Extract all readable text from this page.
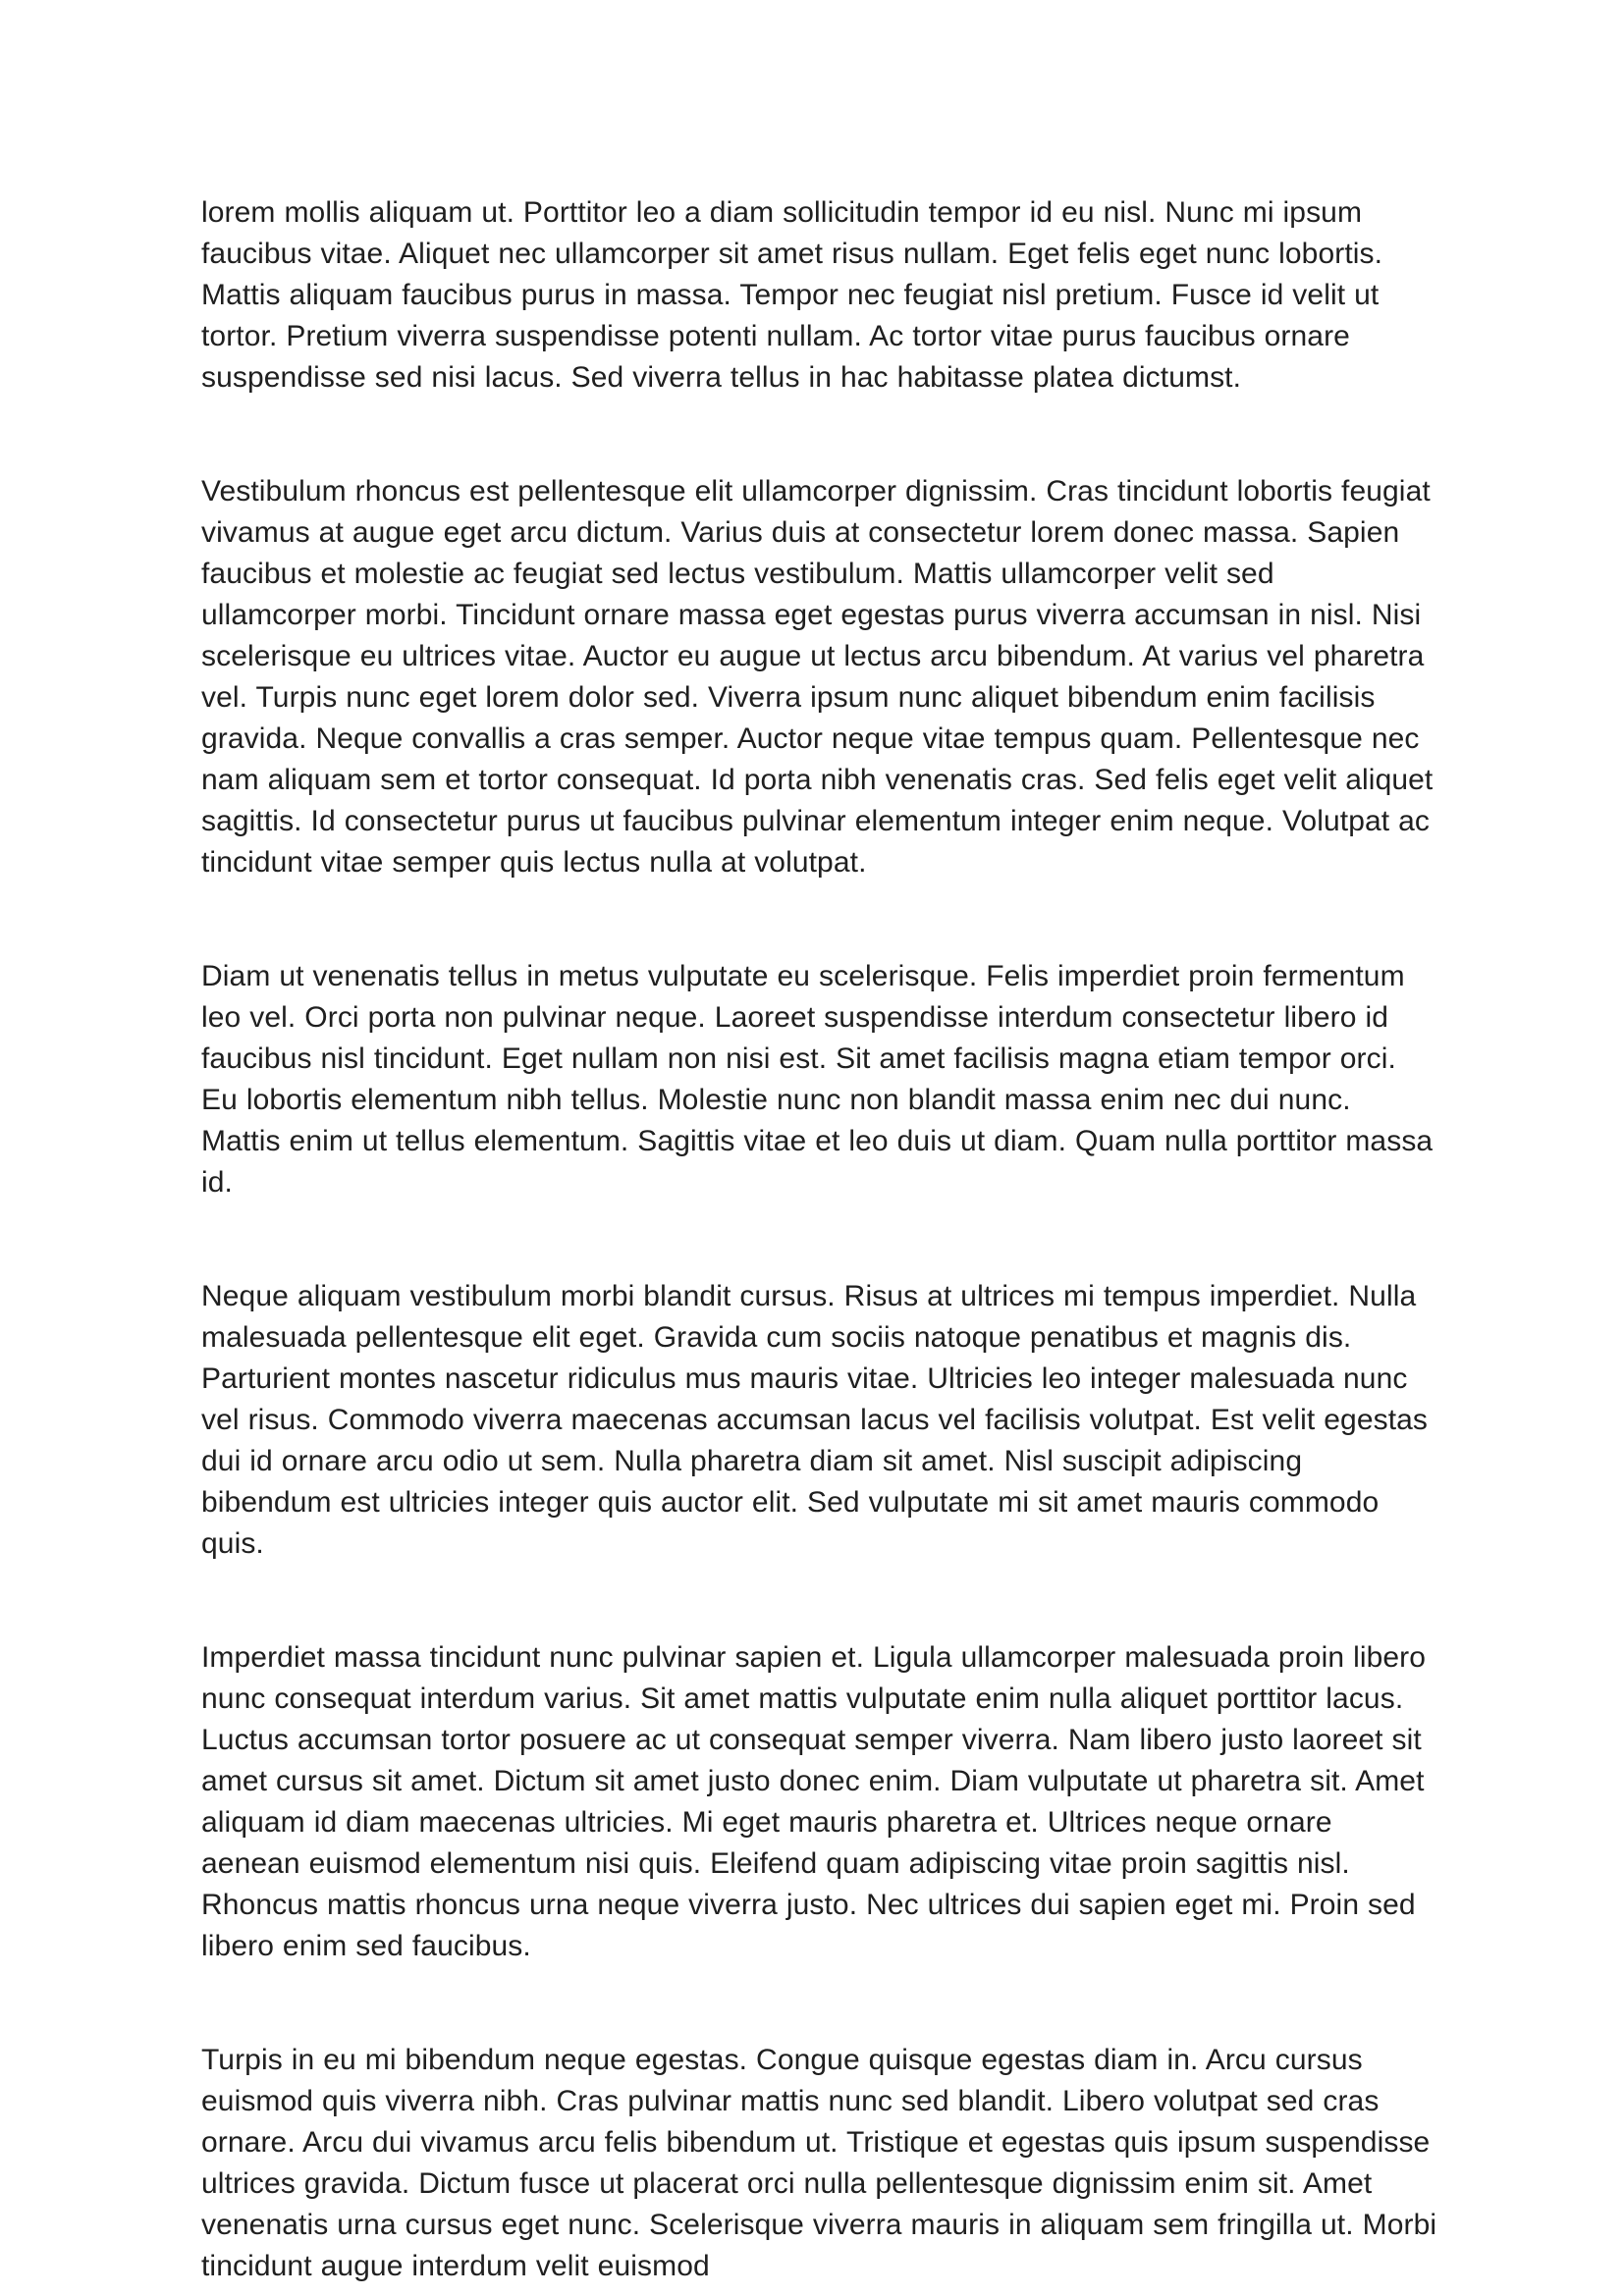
lorem mollis aliquam ut. Porttitor leo a diam sollicitudin tempor id eu nisl. Nunc mi ipsum faucibus vitae. Aliquet nec ullamcorper sit amet risus nullam. Eget felis eget nunc lobortis. Mattis aliquam faucibus purus in massa. Tempor nec feugiat nisl pretium. Fusce id velit ut tortor. Pretium viverra suspendisse potenti nullam. Ac tortor vitae purus faucibus ornare suspendisse sed nisi lacus. Sed viverra tellus in hac habitasse platea dictumst.

Vestibulum rhoncus est pellentesque elit ullamcorper dignissim. Cras tincidunt lobortis feugiat vivamus at augue eget arcu dictum. Varius duis at consectetur lorem donec massa. Sapien faucibus et molestie ac feugiat sed lectus vestibulum. Mattis ullamcorper velit sed ullamcorper morbi. Tincidunt ornare massa eget egestas purus viverra accumsan in nisl. Nisi scelerisque eu ultrices vitae. Auctor eu augue ut lectus arcu bibendum. At varius vel pharetra vel. Turpis nunc eget lorem dolor sed. Viverra ipsum nunc aliquet bibendum enim facilisis gravida. Neque convallis a cras semper. Auctor neque vitae tempus quam. Pellentesque nec nam aliquam sem et tortor consequat. Id porta nibh venenatis cras. Sed felis eget velit aliquet sagittis. Id consectetur purus ut faucibus pulvinar elementum integer enim neque. Volutpat ac tincidunt vitae semper quis lectus nulla at volutpat.

Diam ut venenatis tellus in metus vulputate eu scelerisque. Felis imperdiet proin fermentum leo vel. Orci porta non pulvinar neque. Laoreet suspendisse interdum consectetur libero id faucibus nisl tincidunt. Eget nullam non nisi est. Sit amet facilisis magna etiam tempor orci. Eu lobortis elementum nibh tellus. Molestie nunc non blandit massa enim nec dui nunc. Mattis enim ut tellus elementum. Sagittis vitae et leo duis ut diam. Quam nulla porttitor massa id.

Neque aliquam vestibulum morbi blandit cursus. Risus at ultrices mi tempus imperdiet. Nulla malesuada pellentesque elit eget. Gravida cum sociis natoque penatibus et magnis dis. Parturient montes nascetur ridiculus mus mauris vitae. Ultricies leo integer malesuada nunc vel risus. Commodo viverra maecenas accumsan lacus vel facilisis volutpat. Est velit egestas dui id ornare arcu odio ut sem. Nulla pharetra diam sit amet. Nisl suscipit adipiscing bibendum est ultricies integer quis auctor elit. Sed vulputate mi sit amet mauris commodo quis.

Imperdiet massa tincidunt nunc pulvinar sapien et. Ligula ullamcorper malesuada proin libero nunc consequat interdum varius. Sit amet mattis vulputate enim nulla aliquet porttitor lacus. Luctus accumsan tortor posuere ac ut consequat semper viverra. Nam libero justo laoreet sit amet cursus sit amet. Dictum sit amet justo donec enim. Diam vulputate ut pharetra sit. Amet aliquam id diam maecenas ultricies. Mi eget mauris pharetra et. Ultrices neque ornare aenean euismod elementum nisi quis. Eleifend quam adipiscing vitae proin sagittis nisl. Rhoncus mattis rhoncus urna neque viverra justo. Nec ultrices dui sapien eget mi. Proin sed libero enim sed faucibus.

Turpis in eu mi bibendum neque egestas. Congue quisque egestas diam in. Arcu cursus euismod quis viverra nibh. Cras pulvinar mattis nunc sed blandit. Libero volutpat sed cras ornare. Arcu dui vivamus arcu felis bibendum ut. Tristique et egestas quis ipsum suspendisse ultrices gravida. Dictum fusce ut placerat orci nulla pellentesque dignissim enim sit. Amet venenatis urna cursus eget nunc. Scelerisque viverra mauris in aliquam sem fringilla ut. Morbi tincidunt augue interdum velit euismod
